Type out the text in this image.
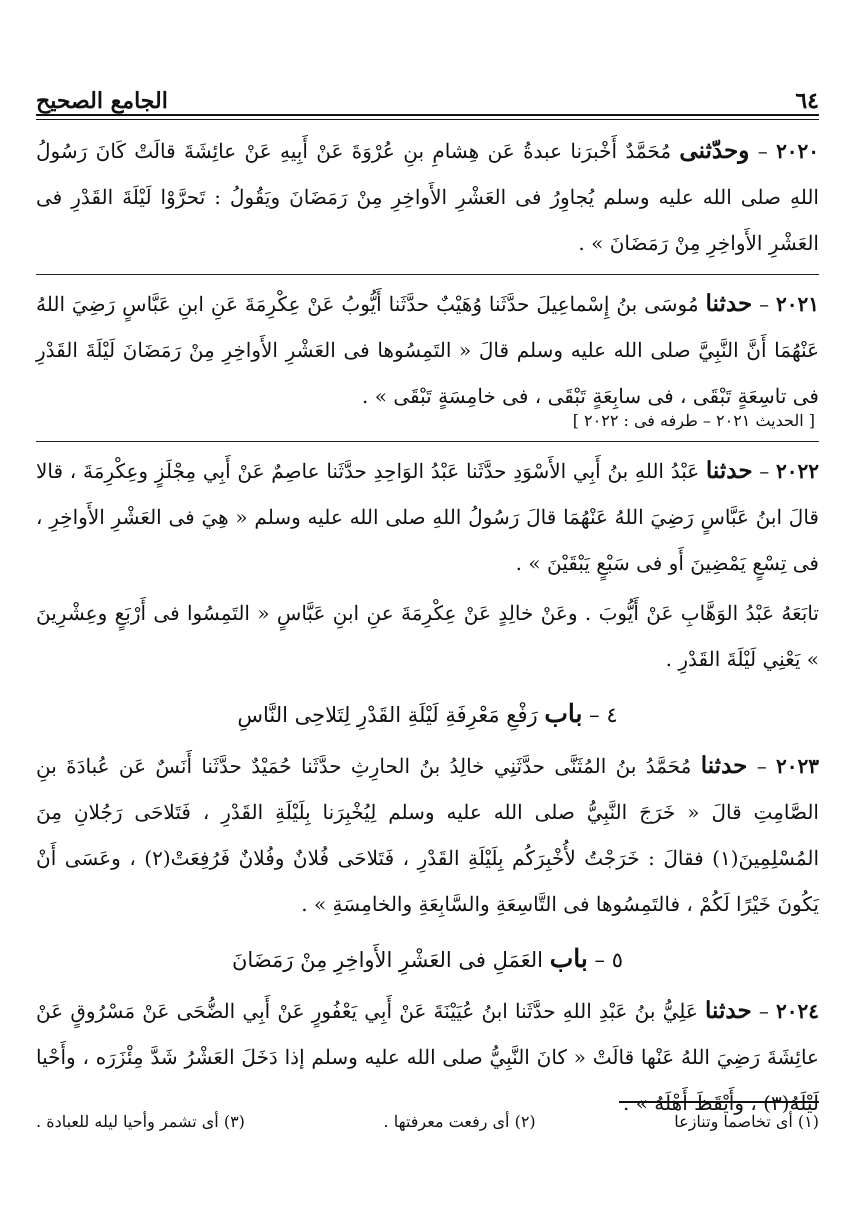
٦٤
الجامع الصحيح

٢٠٢٠ – وحدّثنى مُحَمَّدٌ أَخْبرَنا عبدةُ عَن هِشامِ بنِ عُرْوَةَ عَنْ أَبِيهِ عَنْ عائِشَةَ قالَتْ كَانَ رَسُولُ اللهِ صلى الله عليه وسلم يُجاوِرُ فى العَشْرِ الأَواخِرِ مِنْ رَمَضَانَ ويَقُولُ : تَحرَّوْا لَيْلَةَ القَدْرِ فى العَشْرِ الأَواخِرِ مِنْ رَمَضَانَ » .

٢٠٢١ – حدثنا مُوسَى بنُ إِسْماعِيلَ حدَّثَنا وُهَيْبٌ حدَّثَنا أَيُّوبُ عَنْ عِكْرِمَةَ عَنِ ابنِ عَبَّاسٍ رَضِيَ اللهُ عَنْهُمَا أَنَّ النَّبِيَّ صلى الله عليه وسلم قالَ « التَمِسُوها فى العَشْرِ الأَواخِرِ مِنْ رَمَضَانَ لَيْلَةَ القَدْرِ فى تاسِعَةٍ تَبْقَى ، فى سابِعَةٍ تَبْقَى ، فى خامِسَةٍ تَبْقَى » .

[ الحديث ٢٠٢١ – طرفه فى : ٢٠٢٢ ]

٢٠٢٢ – حدثنا عَبْدُ اللهِ بنُ أَبِي الأَسْوَدِ حدَّثَنا عَبْدُ الوَاحِدِ حدَّثَنا عاصِمٌ عَنْ أَبِي مِجْلَزٍ وعِكْرِمَةَ ، قالا قالَ ابنُ عَبَّاسٍ رَضِيَ اللهُ عَنْهُمَا قالَ رَسُولُ اللهِ صلى الله عليه وسلم « هِيَ فى العَشْرِ الأَواخِرِ ، فى تِسْعٍ يَمْضِينَ أَو فى سَبْعٍ يَبْقَيْنَ » .

تابَعَهُ عَبْدُ الوَهَّابِ عَنْ أَيُّوبَ . وعَنْ خالِدٍ عَنْ عِكْرِمَةَ عنِ ابنِ عَبَّاسٍ « التَمِسُوا فى أَرْبَعٍ وعِشْرِينَ » يَعْنِي لَيْلَةَ القَدْرِ .

٤ – باب رَفْعِ مَعْرِفَةِ لَيْلَةِ القَدْرِ لِتَلاحِى النَّاسِ

٢٠٢٣ – حدثنا مُحَمَّدُ بنُ المُثَنَّى حدَّثَنِي خالِدُ بنُ الحارِثِ حدَّثَنا حُمَيْدٌ حدَّثَنا أَنَسٌ عَن عُبادَةَ بنِ الصَّامِتِ قالَ « خَرَجَ النَّبِيُّ صلى الله عليه وسلم لِيُخْبِرَنا بِلَيْلَةِ القَدْرِ ، فَتَلاحَى رَجُلانِ مِنَ المُسْلِمِينَ(١) فقالَ : خَرَجْتُ لأُخْبِرَكُم بِلَيْلَةِ القَدْرِ ، فَتَلاحَى فُلانٌ وفُلانٌ فَرُفِعَتْ(٢) ، وعَسَى أَنْ يَكُونَ خَيْرًا لَكُمْ ، فالتَمِسُوها فى التَّاسِعَةِ والسَّابِعَةِ والخامِسَةِ » .

٥ – باب العَمَلِ فى العَشْرِ الأَواخِرِ مِنْ رَمَضَانَ

٢٠٢٤ – حدثنا عَلِيُّ بنُ عَبْدِ اللهِ حدَّثَنا ابنُ عُيَيْنَةَ عَنْ أَبِي يَعْفُورٍ عَنْ أَبِي الضُّحَى عَنْ مَسْرُوقٍ عَنْ عائِشَةَ رَضِيَ اللهُ عَنْها قالَتْ « كانَ النَّبِيُّ صلى الله عليه وسلم إذا دَخَلَ العَشْرُ شَدَّ مِئْزَرَه ، وأَحْيا لَيْلَهُ(٣) ، وأَيْقَظَ أَهْلَهُ » .

(١) أى تخاصما وتنازعا
(٢) أى رفعت معرفتها .
(٣) أى تشمر وأحيا ليله للعبادة .
